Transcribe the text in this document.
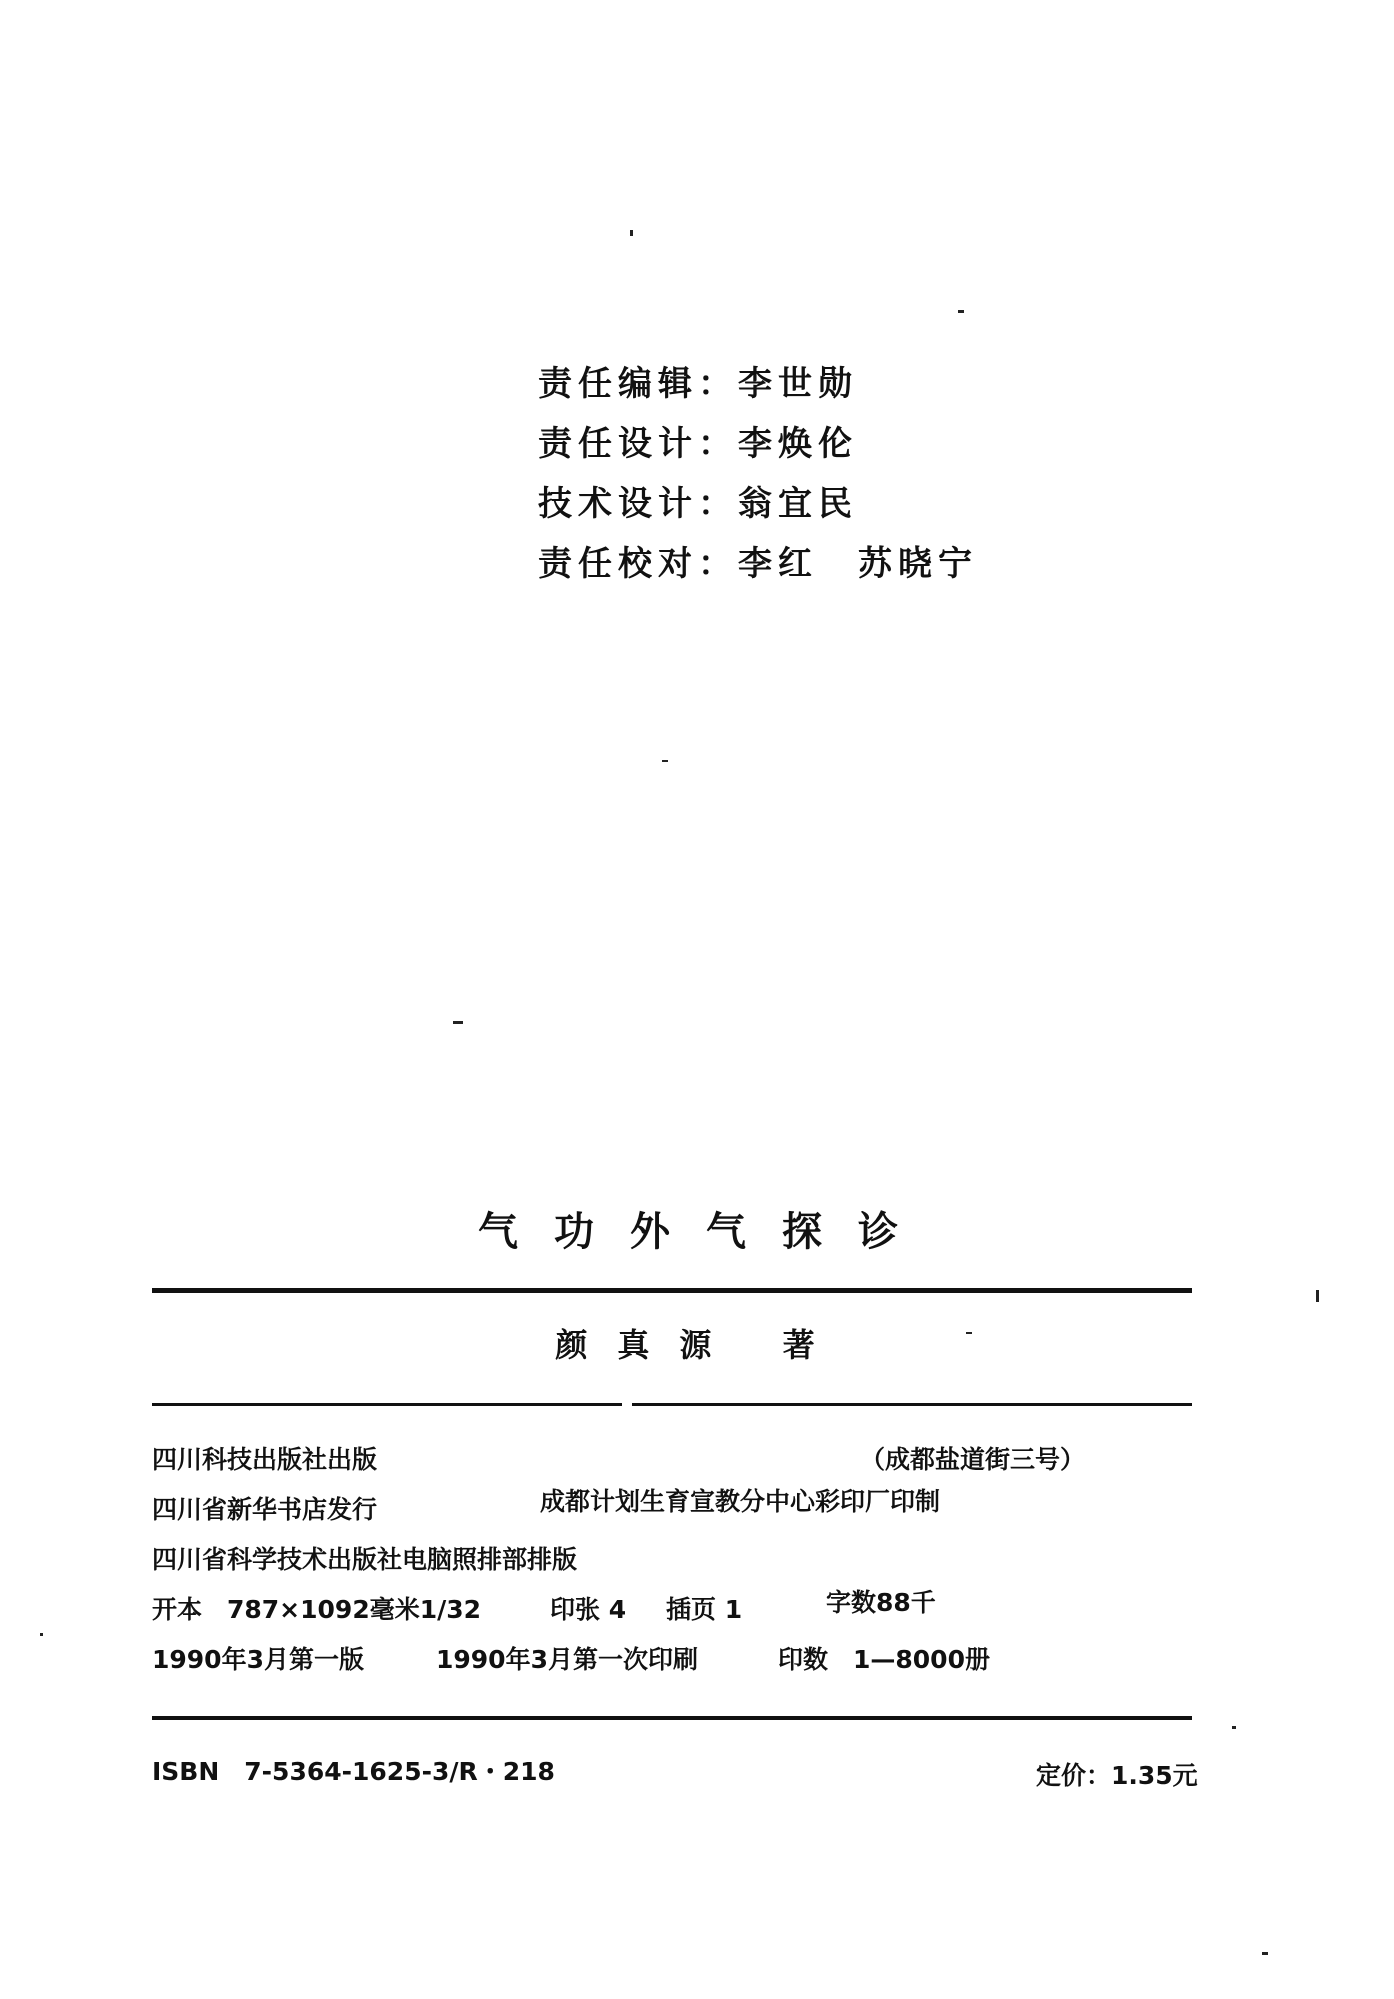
责任编辑： 李世勋
责任设计： 李焕伦
技术设计： 翁宜民
责任校对： 李红　苏晓宁
气功外气探诊
颜真源 著
四川科技出版社出版	（成都盐道街三号）
四川省新华书店发行	成都计划生育宣教分中心彩印厂印制
四川省科学技术出版社电脑照排部排版
开本　787×1092毫米1/32	印张 4 插页 1	字数88千
1990年3月第一版	1990年3月第一次印刷	印数　1—8000册
ISBN　7-5364-1625-3/R・218	定价：1.35元
